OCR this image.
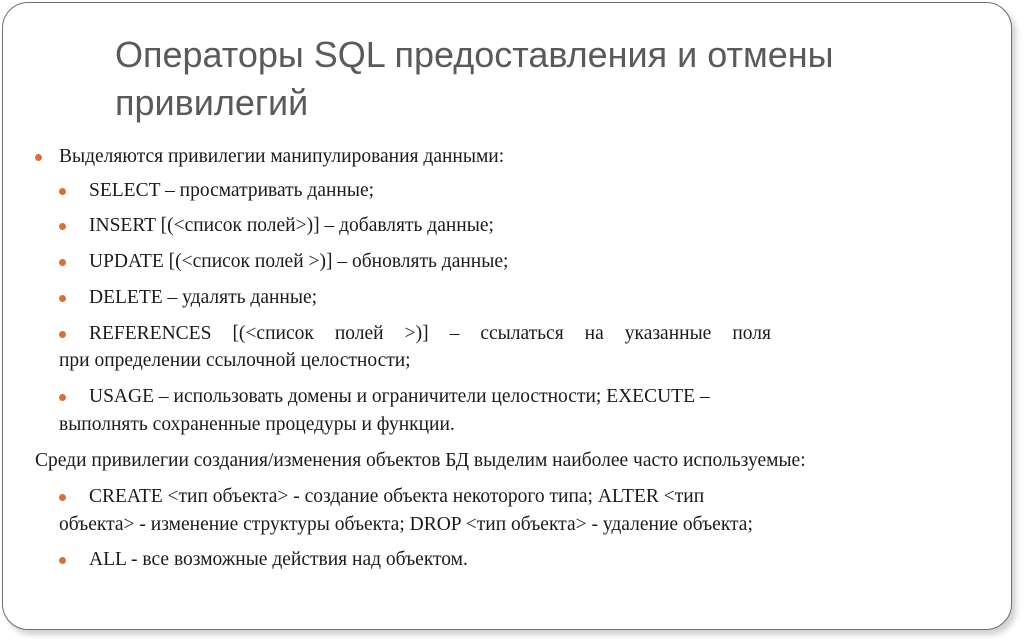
Операторы SQL предоставления и отмены привилегий
Выделяются привилегии манипулирования данными:
SELECT – просматривать данные;
INSERT [(<список полей>)] – добавлять данные;
UPDATE [(<список полей >)] – обновлять данные;
DELETE – удалять данные;
REFERENCES [(<список полей >)] – ссылаться на указанные поля
при определении ссылочной целостности;
USAGE – использовать домены и ограничители целостности; EXECUTE –
выполнять сохраненные процедуры и функции.
Среди привилегии создания/изменения объектов БД выделим наиболее часто используемые:
CREATE <тип объекта> - создание объекта некоторого типа; ALTER <тип
объекта> - изменение структуры объекта; DROP <тип объекта> - удаление объекта;
ALL - все возможные действия над объектом.
